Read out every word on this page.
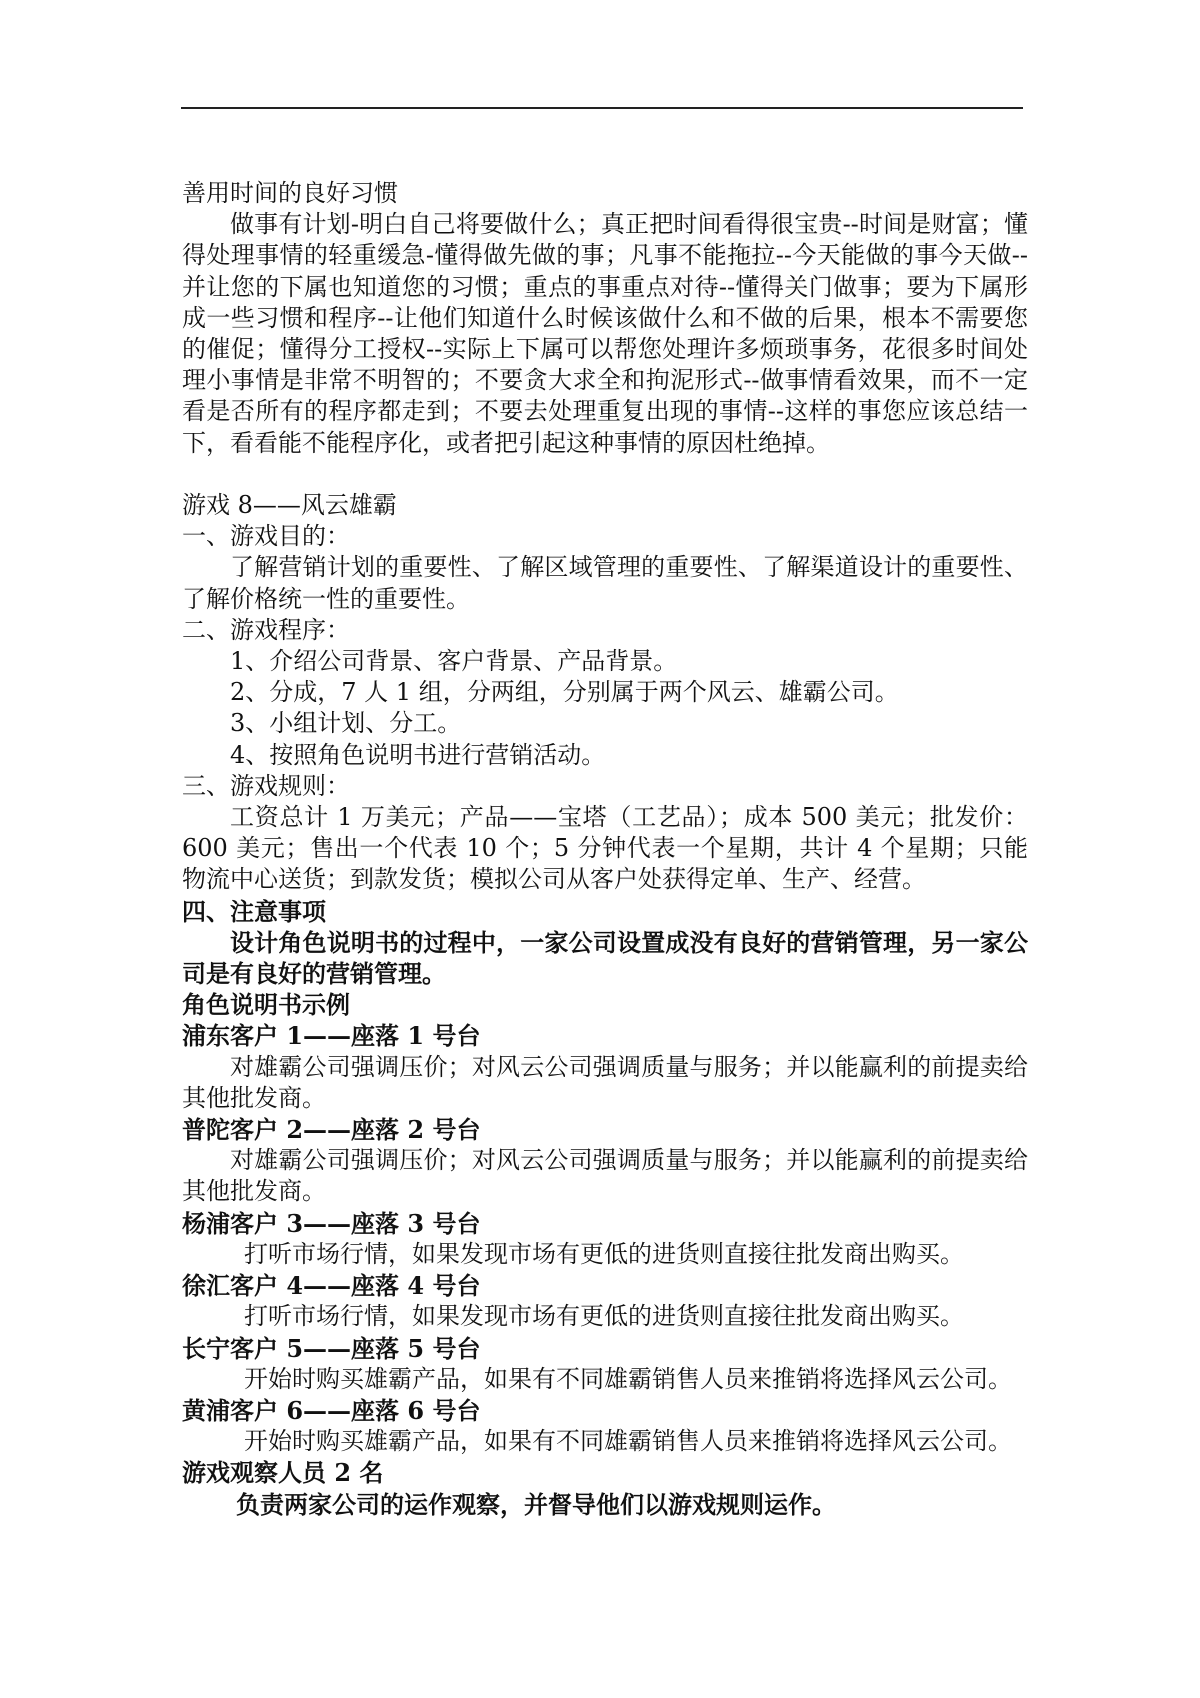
善用时间的良好习惯
做事有计划-明白自己将要做什么；真正把时间看得很宝贵--时间是财富；懂得处理事情的轻重缓急-懂得做先做的事；凡事不能拖拉--今天能做的事今天做--并让您的下属也知道您的习惯；重点的事重点对待--懂得关门做事；要为下属形成一些习惯和程序--让他们知道什么时候该做什么和不做的后果，根本不需要您的催促；懂得分工授权--实际上下属可以帮您处理许多烦琐事务，花很多时间处理小事情是非常不明智的；不要贪大求全和拘泥形式--做事情看效果，而不一定看是否所有的程序都走到；不要去处理重复出现的事情--这样的事您应该总结一下，看看能不能程序化，或者把引起这种事情的原因杜绝掉。
游戏 8——风云雄霸
一、游戏目的：
了解营销计划的重要性、了解区域管理的重要性、了解渠道设计的重要性、了解价格统一性的重要性。
二、游戏程序：
1、介绍公司背景、客户背景、产品背景。
2、分成，7 人 1 组，分两组，分别属于两个风云、雄霸公司。
3、小组计划、分工。
4、按照角色说明书进行营销活动。
三、游戏规则：
工资总计 1 万美元；产品——宝塔（工艺品）；成本 500 美元；批发价：600 美元；售出一个代表 10 个；5 分钟代表一个星期，共计 4 个星期；只能物流中心送货；到款发货；模拟公司从客户处获得定单、生产、经营。
四、注意事项
设计角色说明书的过程中，一家公司设置成没有良好的营销管理，另一家公司是有良好的营销管理。
角色说明书示例
浦东客户 1——座落 1 号台
对雄霸公司强调压价；对风云公司强调质量与服务；并以能赢利的前提卖给其他批发商。
普陀客户 2——座落 2 号台
对雄霸公司强调压价；对风云公司强调质量与服务；并以能赢利的前提卖给其他批发商。
杨浦客户 3——座落 3 号台
打听市场行情，如果发现市场有更低的进货则直接往批发商出购买。
徐汇客户 4——座落 4 号台
打听市场行情，如果发现市场有更低的进货则直接往批发商出购买。
长宁客户 5——座落 5 号台
开始时购买雄霸产品，如果有不同雄霸销售人员来推销将选择风云公司。
黄浦客户 6——座落 6 号台
开始时购买雄霸产品，如果有不同雄霸销售人员来推销将选择风云公司。
游戏观察人员 2 名
负责两家公司的运作观察，并督导他们以游戏规则运作。
